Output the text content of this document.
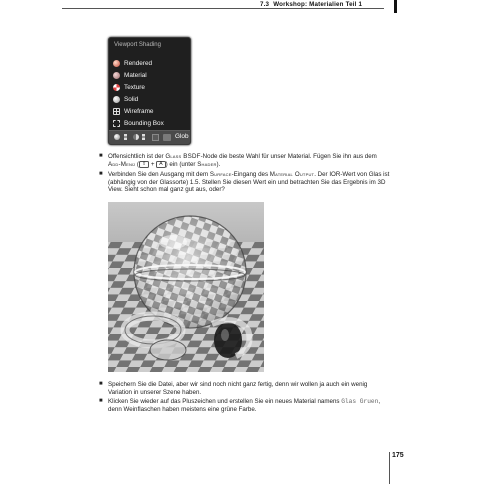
7.3 Workshop: Materialien Teil 1
Viewport Shading
Rendered
Material
Texture
Solid
Wireframe
Bounding Box
Glob
■ Offensichtlich ist der Glass BSDF-Node die beste Wahl für unser Material. Fügen Sie ihn aus dem Add-Menü ( ⇧ + A ) ein (unter Shader).
■ Verbinden Sie den Ausgang mit dem Surface-Eingang des Material Output. Der IOR-Wert von Glas ist (abhängig von der Glassorte) 1.5. Stellen Sie diesen Wert ein und betrachten Sie das Ergebnis im 3D View. Sieht schon mal ganz gut aus, oder?
■ Speichern Sie die Datei, aber wir sind noch nicht ganz fertig, denn wir wollen ja auch ein wenig Variation in unserer Szene haben.
■ Klicken Sie wieder auf das Pluszeichen und erstellen Sie ein neues Material namens Glas Gruen, denn Weinflaschen haben meistens eine grüne Farbe.
175
